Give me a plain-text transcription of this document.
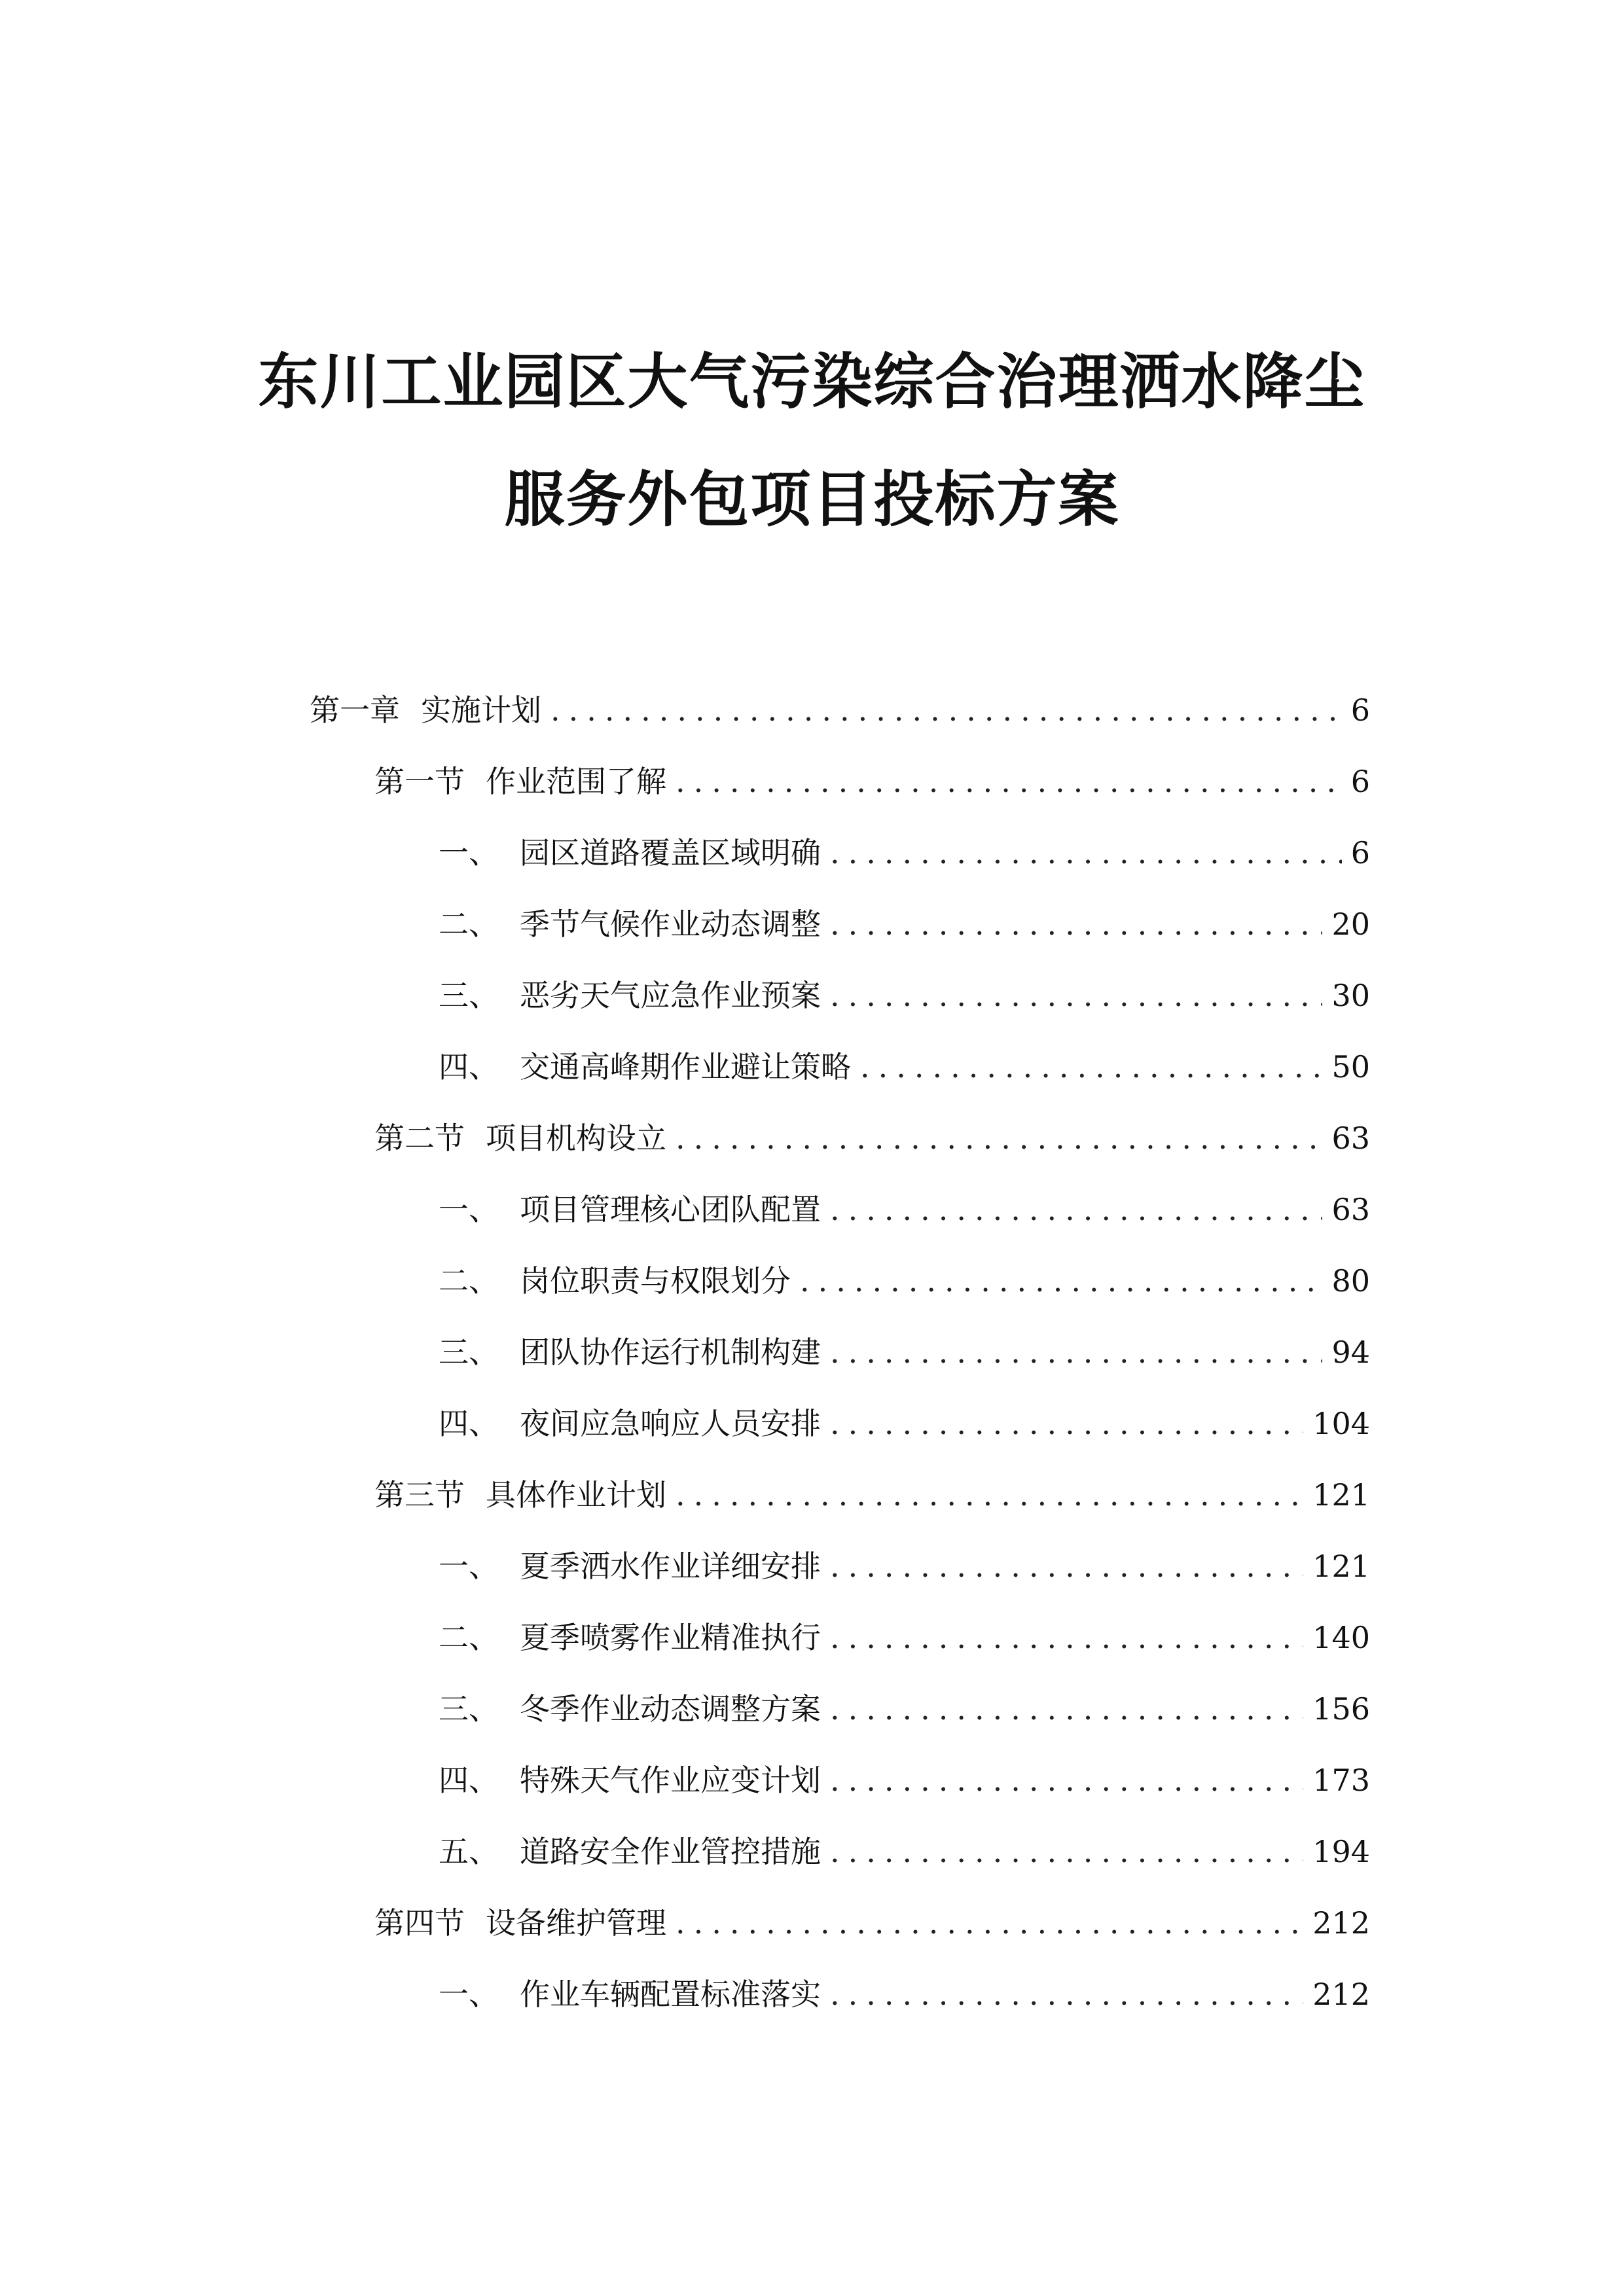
东川工业园区大气污染综合治理洒水降尘
服务外包项目投标方案
第一章 实施计划 .....	6
第一节 作业范围了解 .....	6
一、 园区道路覆盖区域明确 .....	6
二、 季节气候作业动态调整 .....	20
三、 恶劣天气应急作业预案 .....	30
四、 交通高峰期作业避让策略 .....	50
第二节 项目机构设立 .....	63
一、 项目管理核心团队配置 .....	63
二、 岗位职责与权限划分 .....	80
三、 团队协作运行机制构建 .....	94
四、 夜间应急响应人员安排 .....	104
第三节 具体作业计划 .....	121
一、 夏季洒水作业详细安排 .....	121
二、 夏季喷雾作业精准执行 .....	140
三、 冬季作业动态调整方案 .....	156
四、 特殊天气作业应变计划 .....	173
五、 道路安全作业管控措施 .....	194
第四节 设备维护管理 .....	212
一、 作业车辆配置标准落实 .....	212
